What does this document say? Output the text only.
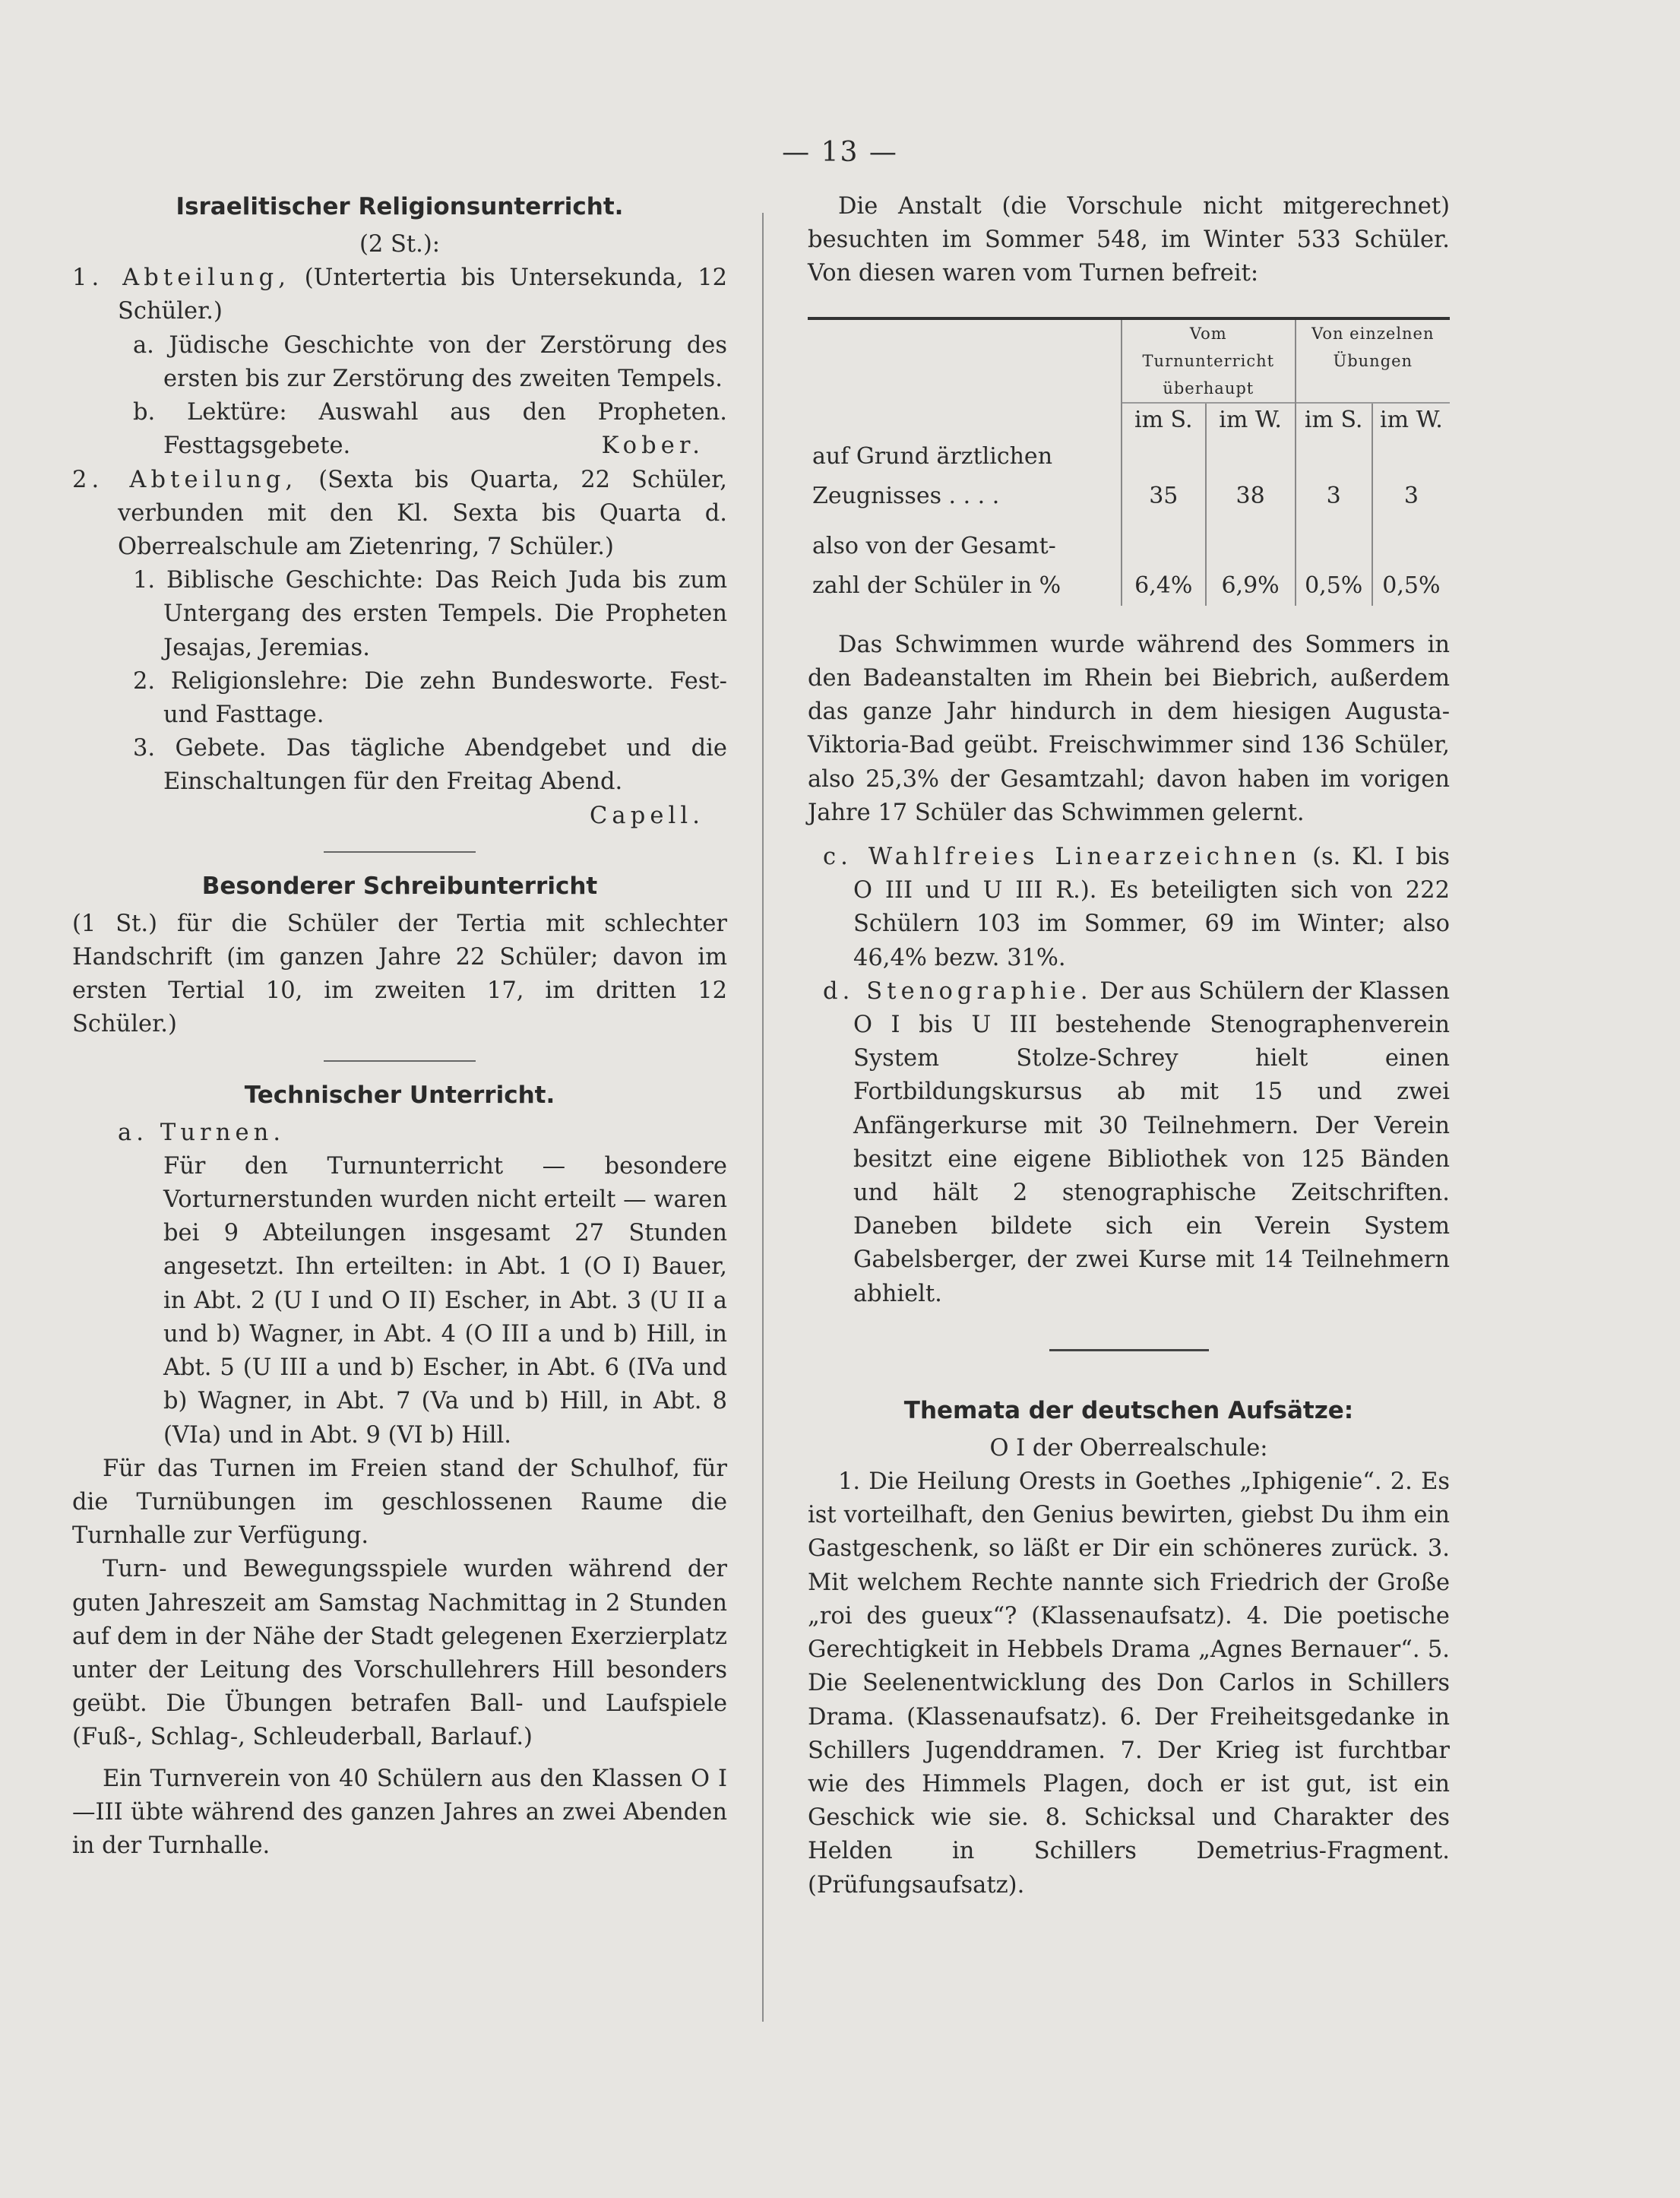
— 13 —
Israelitischer Religionsunterricht.
(2 St.):
1. Abteilung, (Untertertia bis Untersekunda, 12 Schüler.)
a. Jüdische Geschichte von der Zerstörung des ersten bis zur Zerstörung des zweiten Tempels.
b. Lektüre: Auswahl aus den Propheten. Festtagsgebete.	Kober.
2. Abteilung, (Sexta bis Quarta, 22 Schüler, verbunden mit den Kl. Sexta bis Quarta d. Oberrealschule am Zietenring, 7 Schüler.)
1. Biblische Geschichte: Das Reich Juda bis zum Untergang des ersten Tempels. Die Propheten Jesajas, Jeremias.
2. Religionslehre: Die zehn Bundesworte. Fest- und Fasttage.
3. Gebete. Das tägliche Abendgebet und die Einschaltungen für den Freitag Abend.
Capell.
Besonderer Schreibunterricht
(1 St.) für die Schüler der Tertia mit schlechter Handschrift (im ganzen Jahre 22 Schüler; davon im ersten Tertial 10, im zweiten 17, im dritten 12 Schüler.)
Technischer Unterricht.
a. Turnen.
Für den Turnunterricht — besondere Vorturnerstunden wurden nicht erteilt — waren bei 9 Abteilungen insgesamt 27 Stunden angesetzt. Ihn erteilten: in Abt. 1 (O I) Bauer, in Abt. 2 (U I und O II) Escher, in Abt. 3 (U II a und b) Wagner, in Abt. 4 (O III a und b) Hill, in Abt. 5 (U III a und b) Escher, in Abt. 6 (IVa und b) Wagner, in Abt. 7 (Va und b) Hill, in Abt. 8 (VIa) und in Abt. 9 (VI b) Hill.
Für das Turnen im Freien stand der Schulhof, für die Turnübungen im geschlossenen Raume die Turnhalle zur Verfügung.
Turn- und Bewegungsspiele wurden während der guten Jahreszeit am Samstag Nachmittag in 2 Stunden auf dem in der Nähe der Stadt gelegenen Exerzierplatz unter der Leitung des Vorschullehrers Hill besonders geübt. Die Übungen betrafen Ball- und Laufspiele (Fuß-, Schlag-, Schleuderball, Barlauf.)
Ein Turnverein von 40 Schülern aus den Klassen O I—III übte während des ganzen Jahres an zwei Abenden in der Turnhalle.
Die Anstalt (die Vorschule nicht mitgerechnet) besuchten im Sommer 548, im Winter 533 Schüler. Von diesen waren vom Turnen befreit:
	Vom Turnunterricht überhaupt		Von einzelnen Übungen	
	im S.	im W.	im S.	im W.

auf Grund ärztlichen
Zeugnisses . . . .	35	38	3	3

also von der Gesamt-
zahl der Schüler in %	6,4%	6,9%	0,5%	0,5%
Das Schwimmen wurde während des Sommers in den Badeanstalten im Rhein bei Biebrich, außerdem das ganze Jahr hindurch in dem hiesigen Augusta-Viktoria-Bad geübt. Freischwimmer sind 136 Schüler, also 25,3% der Gesamtzahl; davon haben im vorigen Jahre 17 Schüler das Schwimmen gelernt.
c. Wahlfreies Linearzeichnen (s. Kl. I bis O III und U III R.). Es beteiligten sich von 222 Schülern 103 im Sommer, 69 im Winter; also 46,4% bezw. 31%.
d. Stenographie. Der aus Schülern der Klassen O I bis U III bestehende Stenographenverein System Stolze-Schrey hielt einen Fortbildungskursus ab mit 15 und zwei Anfängerkurse mit 30 Teilnehmern. Der Verein besitzt eine eigene Bibliothek von 125 Bänden und hält 2 stenographische Zeitschriften. Daneben bildete sich ein Verein System Gabelsberger, der zwei Kurse mit 14 Teilnehmern abhielt.
Themata der deutschen Aufsätze:
O I der Oberrealschule:
1. Die Heilung Orests in Goethes „Iphigenie“. 2. Es ist vorteilhaft, den Genius bewirten, giebst Du ihm ein Gastgeschenk, so läßt er Dir ein schöneres zurück. 3. Mit welchem Rechte nannte sich Friedrich der Große „roi des gueux“? (Klassenaufsatz). 4. Die poetische Gerechtigkeit in Hebbels Drama „Agnes Bernauer“. 5. Die Seelenentwicklung des Don Carlos in Schillers Drama. (Klassenaufsatz). 6. Der Freiheitsgedanke in Schillers Jugenddramen. 7. Der Krieg ist furchtbar wie des Himmels Plagen, doch er ist gut, ist ein Geschick wie sie. 8. Schicksal und Charakter des Helden in Schillers Demetrius-Fragment. (Prüfungsaufsatz).
